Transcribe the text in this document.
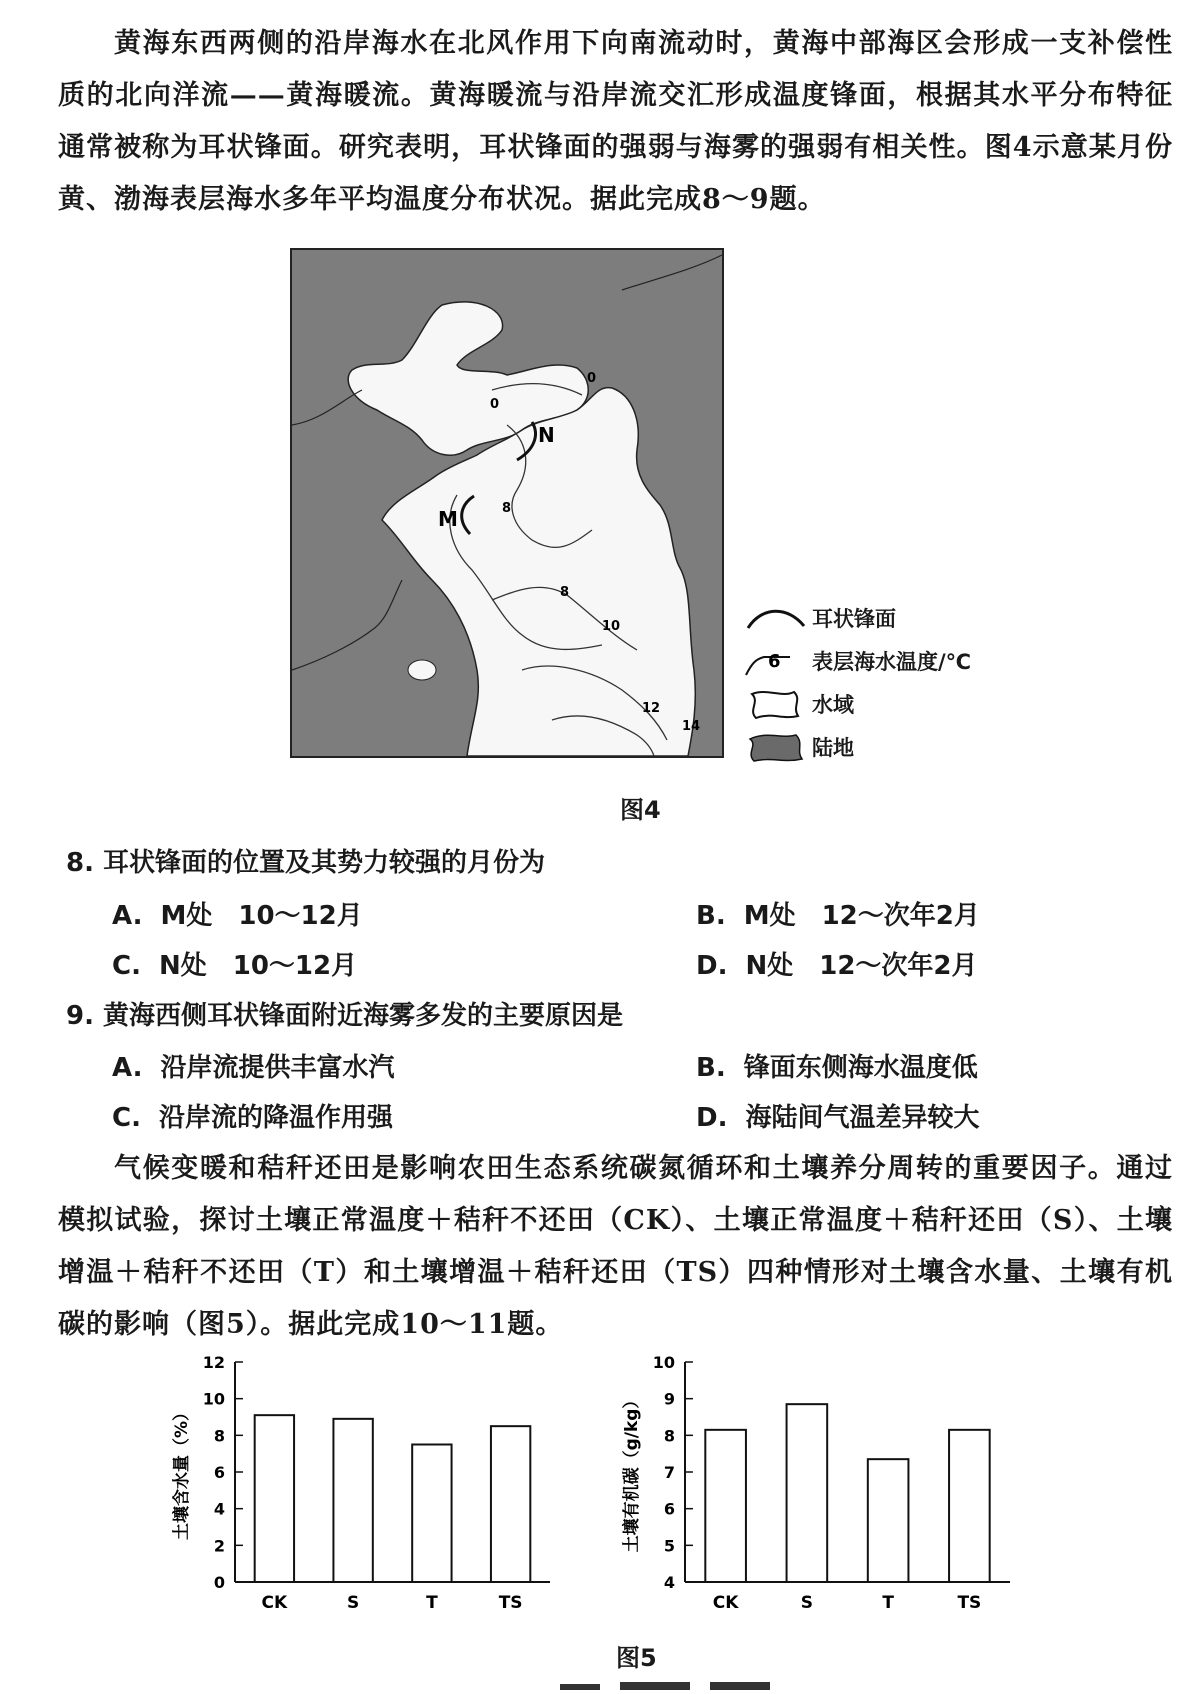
黄海东西两侧的沿岸海水在北风作用下向南流动时，黄海中部海区会形成一支补偿性质的北向洋流——黄海暖流。黄海暖流与沿岸流交汇形成温度锋面，根据其水平分布特征通常被称为耳状锋面。研究表明，耳状锋面的强弱与海雾的强弱有相关性。图4示意某月份黄、渤海表层海水多年平均温度分布状况。据此完成8～9题。

0
0
8
8
10
12
14
M
N
耳状锋面
6 表层海水温度/℃
水域
陆地
图4

8. 耳状锋面的位置及其势力较强的月份为

A. M处　10～12月	B. M处　12～次年2月
C. N处　10～12月	D. N处　12～次年2月

9. 黄海西侧耳状锋面附近海雾多发的主要原因是

A. 沿岸流提供丰富水汽	B. 锋面东侧海水温度低
C. 沿岸流的降温作用强	D. 海陆间气温差异较大

气候变暖和秸秆还田是影响农田生态系统碳氮循环和土壤养分周转的重要因子。通过模拟试验，探讨土壤正常温度＋秸秆不还田（CK）、土壤正常温度＋秸秆还田（S）、土壤增温＋秸秆不还田（T）和土壤增温＋秸秆还田（TS）四种情形对土壤含水量、土壤有机碳的影响（图5）。据此完成10～11题。

0
2
4
6
8
10
12
土壤含水量（%）
CK	S	T	TS
4
5
6
7
8
9
10
土壤有机碳（g/kg）
CK	S	T	TS
图5
